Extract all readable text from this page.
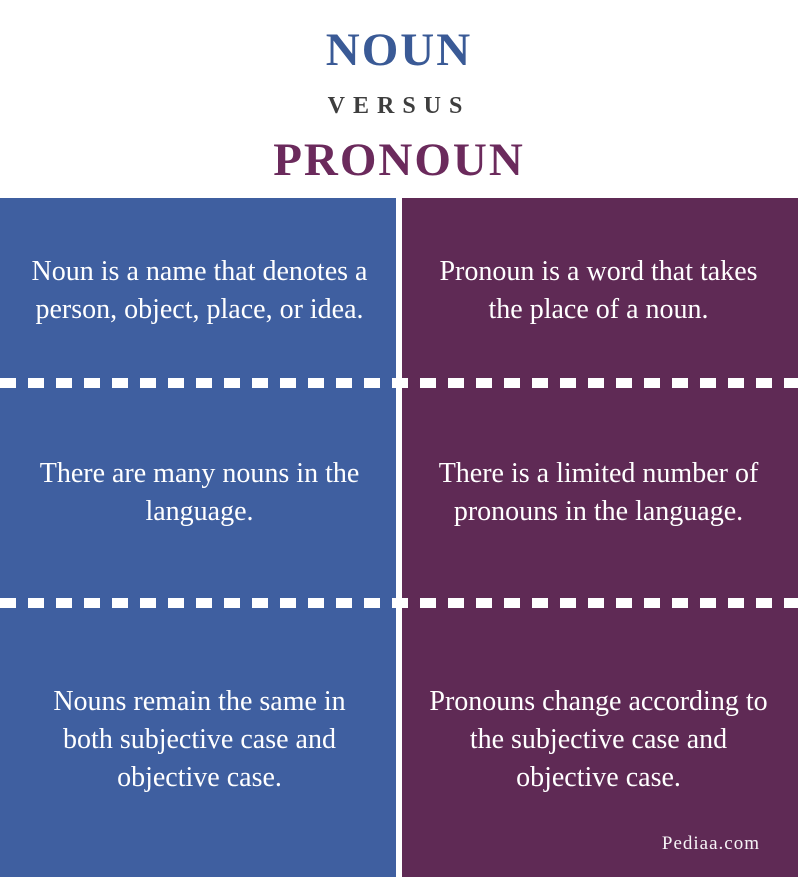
NOUN
VERSUS
PRONOUN
Noun is a name that denotes a person, object, place, or idea.
There are many nouns in the language.
Nouns remain the same in both subjective case and objective case.
Pronoun is a word that takes the place of a noun.
There is a limited number of pronouns in the language.
Pronouns change according to the subjective case and objective case.
Pediaa.com
